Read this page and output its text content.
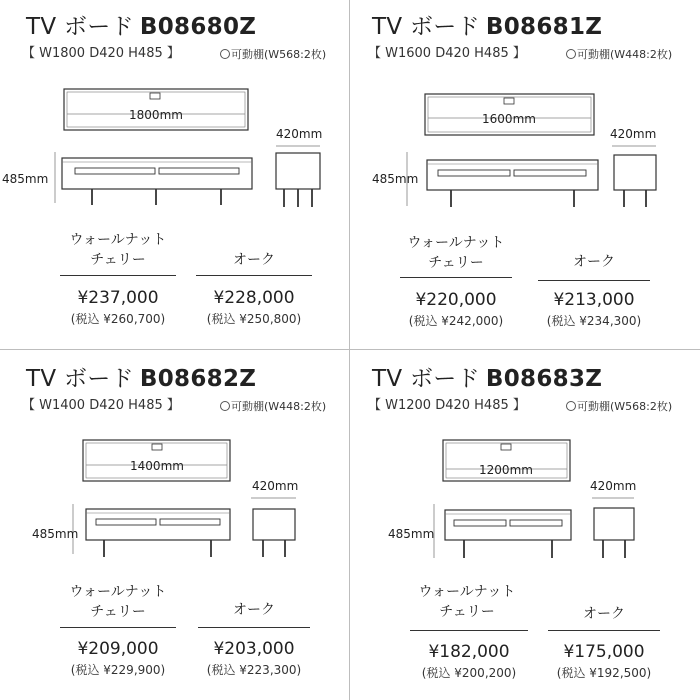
TV ボード B08680Z
【 W1800 D420 H485 】	可動棚(W568:2枚)
1800mm
485mm
420mm
ウォールナット
チェリー	オーク
¥237,000
(税込 ¥260,700)
¥228,000
(税込 ¥250,800)
TV ボード B08681Z
【 W1600 D420 H485 】	可動棚(W448:2枚)
1600mm
485mm
420mm
ウォールナット
チェリー	オーク
¥220,000
(税込 ¥242,000)
¥213,000
(税込 ¥234,300)
TV ボード B08682Z
【 W1400 D420 H485 】	可動棚(W448:2枚)
1400mm
485mm
420mm
ウォールナット
チェリー	オーク
¥209,000
(税込 ¥229,900)
¥203,000
(税込 ¥223,300)
TV ボード B08683Z
【 W1200 D420 H485 】	可動棚(W568:2枚)
1200mm
485mm
420mm
ウォールナット
チェリー	オーク
¥182,000
(税込 ¥200,200)
¥175,000
(税込 ¥192,500)
